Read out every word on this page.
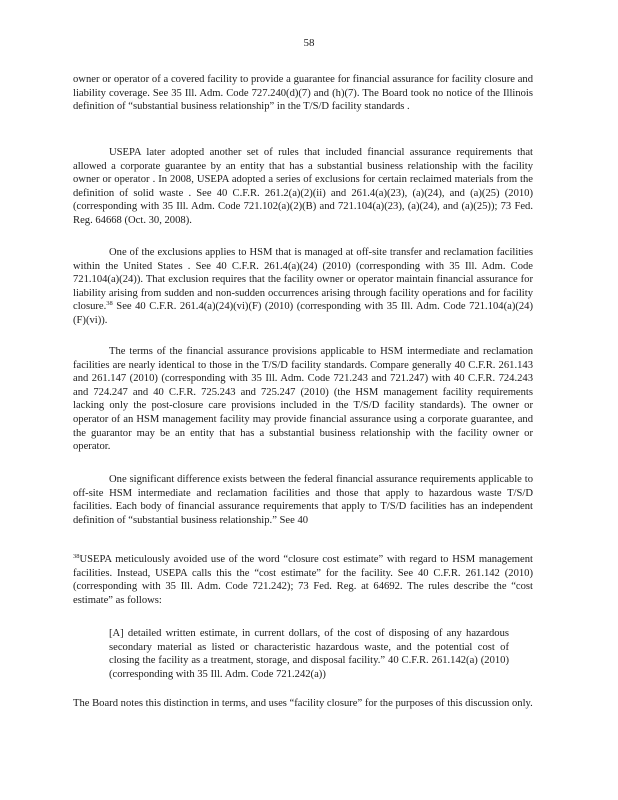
58

owner or operator of a covered facility to provide a guarantee for financial assurance for facility closure and liability coverage. See 35 Ill. Adm. Code 727.240(d)(7) and (h)(7). The Board took no notice of the Illinois definition of “substantial business relationship” in the T/S/D facility standards .

USEPA later adopted another set of rules that included financial assurance requirements that allowed a corporate guarantee by an entity that has a substantial business relationship with the facility owner or operator . In 2008, USEPA adopted a series of exclusions for certain reclaimed materials from the definition of solid waste . See 40 C.F.R. 261.2(a)(2)(ii) and 261.4(a)(23), (a)(24), and (a)(25) (2010) (corresponding with 35 Ill. Adm. Code 721.102(a)(2)(B) and 721.104(a)(23), (a)(24), and (a)(25)); 73 Fed. Reg. 64668 (Oct. 30, 2008).

One of the exclusions applies to HSM that is managed at off-site transfer and reclamation facilities within the United States . See 40 C.F.R. 261.4(a)(24) (2010) (corresponding with 35 Ill. Adm. Code 721.104(a)(24)). That exclusion requires that the facility owner or operator maintain financial assurance for liability arising from sudden and non-sudden occurrences arising through facility operations and for facility closure.$^{38}$ See 40 C.F.R. 261.4(a)(24)(vi)(F) (2010) (corresponding with 35 Ill. Adm. Code 721.104(a)(24)(F)(vi)).

The terms of the financial assurance provisions applicable to HSM intermediate and reclamation facilities are nearly identical to those in the T/S/D facility standards. Compare generally 40 C.F.R. 261.143 and 261.147 (2010) (corresponding with 35 Ill. Adm. Code 721.243 and 721.247) with 40 C.F.R. 724.243 and 724.247 and 40 C.F.R. 725.243 and 725.247 (2010) (the HSM management facility requirements lacking only the post-closure care provisions included in the T/S/D facility standards). The owner or operator of an HSM management facility may provide financial assurance using a corporate guarantee, and the guarantor may be an entity that has a substantial business relationship with the facility owner or operator.

One significant difference exists between the federal financial assurance requirements applicable to off-site HSM intermediate and reclamation facilities and those that apply to hazardous waste T/S/D facilities. Each body of financial assurance requirements that apply to T/S/D facilities has an independent definition of “substantial business relationship.” See 40

$^{38}$USEPA meticulously avoided use of the word “closure cost estimate” with regard to HSM management facilities. Instead, USEPA calls this the “cost estimate” for the facility. See 40 C.F.R. 261.142 (2010) (corresponding with 35 Ill. Adm. Code 721.242); 73 Fed. Reg. at 64692. The rules describe the “cost estimate” as follows:
[A] detailed written estimate, in current dollars, of the cost of disposing of any hazardous secondary material as listed or characteristic hazardous waste, and the potential cost of closing the facility as a treatment, storage, and disposal facility.” 40 C.F.R. 261.142(a) (2010) (corresponding with 35 Ill. Adm. Code 721.242(a))
The Board notes this distinction in terms, and uses “facility closure” for the purposes of this discussion only.
